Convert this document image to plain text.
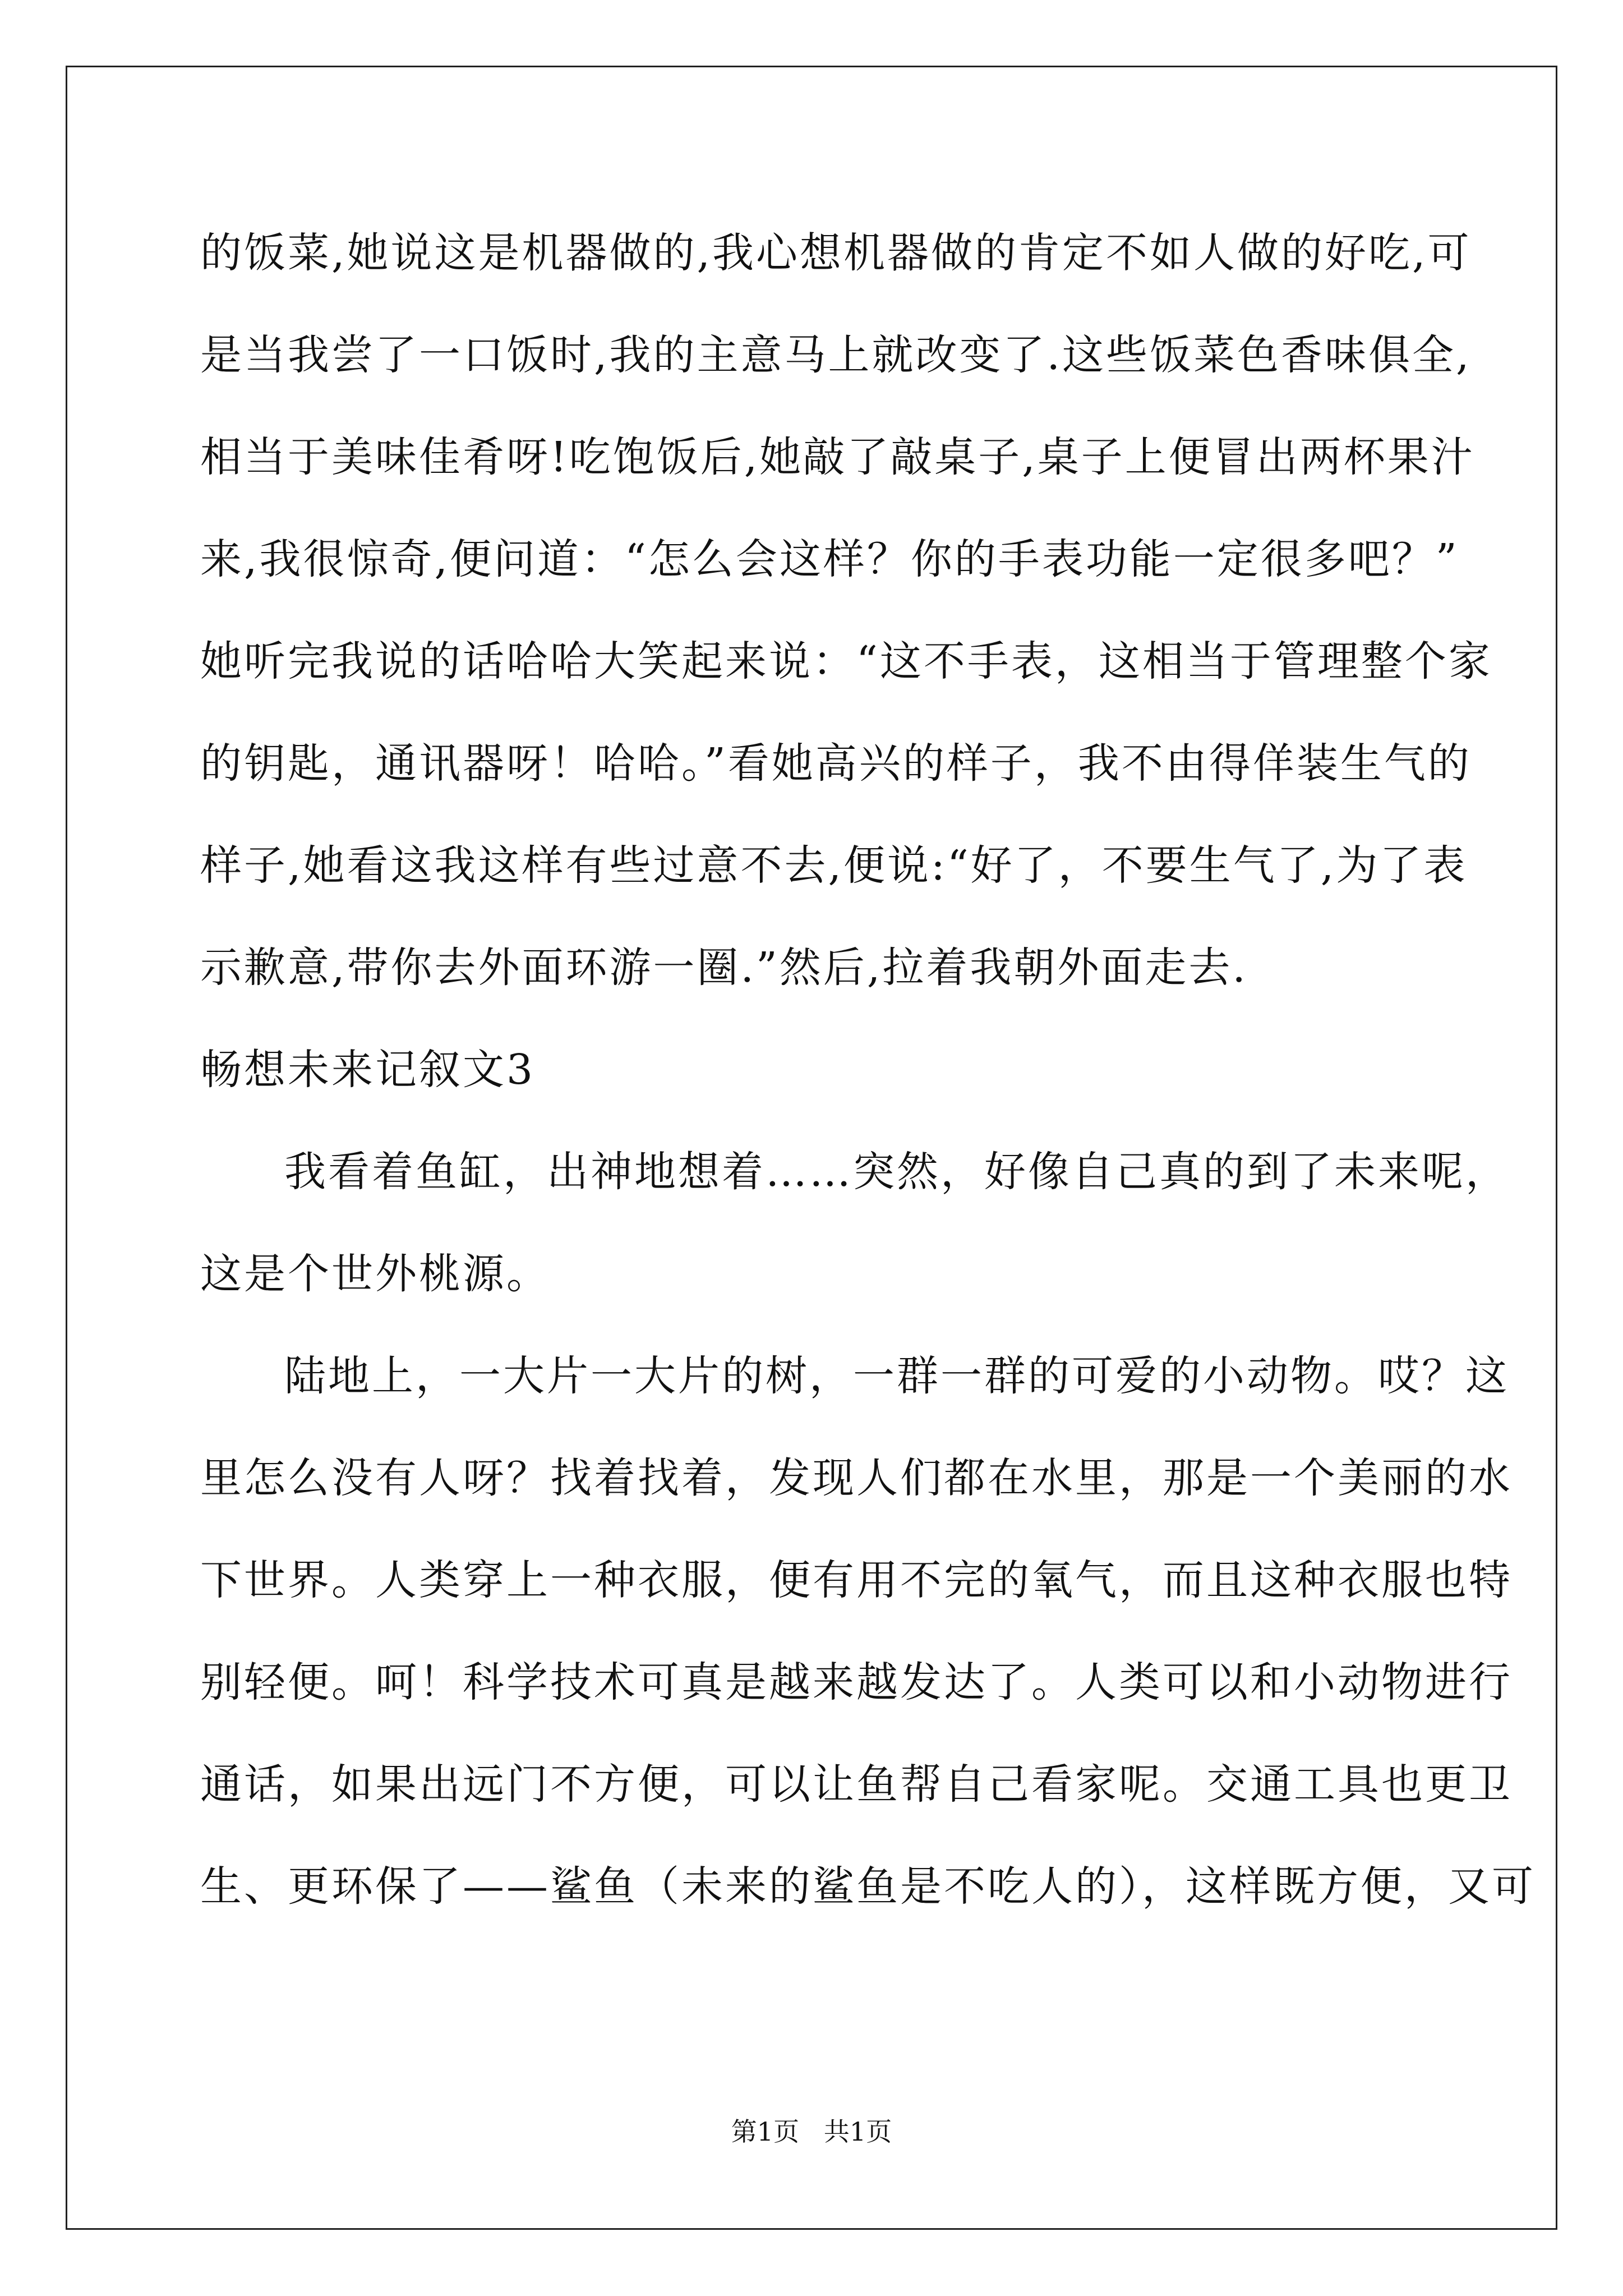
的饭菜,她说这是机器做的,我心想机器做的肯定不如人做的好吃,可
是当我尝了一口饭时,我的主意马上就改变了.这些饭菜色香味俱全,
相当于美味佳肴呀!吃饱饭后,她敲了敲桌子,桌子上便冒出两杯果汁
来,我很惊奇,便问道：“怎么会这样？你的手表功能一定很多吧？”
她听完我说的话哈哈大笑起来说：“这不手表，这相当于管理整个家
的钥匙，通讯器呀！哈哈。”看她高兴的样子，我不由得佯装生气的
样子,她看这我这样有些过意不去,便说:“好了，不要生气了,为了表
示歉意,带你去外面环游一圈.”然后,拉着我朝外面走去.
畅想未来记叙文3
我看着鱼缸，出神地想着……突然，好像自己真的到了未来呢，
这是个世外桃源。
陆地上，一大片一大片的树，一群一群的可爱的小动物。哎？这
里怎么没有人呀？找着找着，发现人们都在水里，那是一个美丽的水
下世界。人类穿上一种衣服，便有用不完的氧气，而且这种衣服也特
别轻便。呵！科学技术可真是越来越发达了。人类可以和小动物进行
通话，如果出远门不方便，可以让鱼帮自己看家呢。交通工具也更卫
生、更环保了——鲨鱼（未来的鲨鱼是不吃人的），这样既方便，又可
第1页   共1页
